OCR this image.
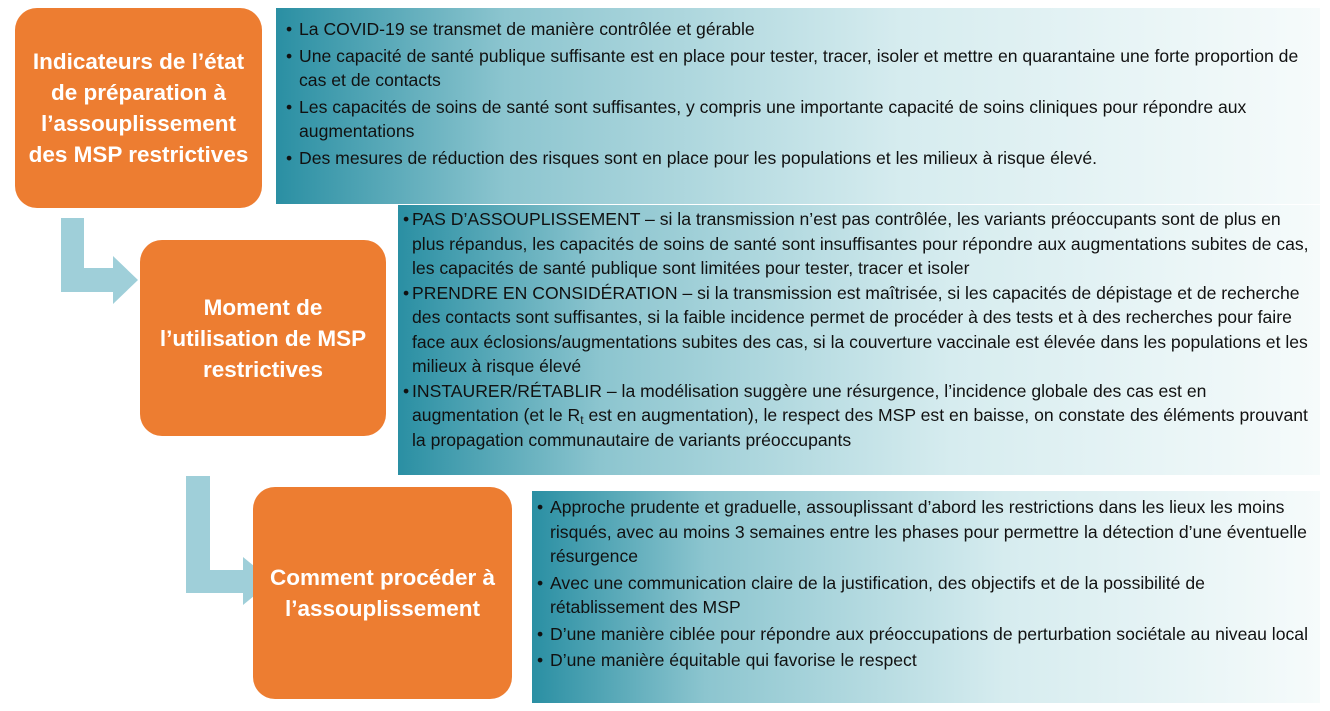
• La COVID-19 se transmet de manière contrôlée et gérable
• Une capacité de santé publique suffisante est en place pour tester, tracer, isoler et mettre en quarantaine une forte proportion de cas et de contacts
• Les capacités de soins de santé sont suffisantes, y compris une importante capacité de soins cliniques pour répondre aux augmentations
• Des mesures de réduction des risques sont en place pour les populations et les milieux à risque élevé.
• PAS D’ASSOUPLISSEMENT – si la transmission n’est pas contrôlée, les variants préoccupants sont de plus en plus répandus, les capacités de soins de santé sont insuffisantes pour répondre aux augmentations subites de cas, les capacités de santé publique sont limitées pour tester, tracer et isoler
• PRENDRE EN CONSIDÉRATION – si la transmission est maîtrisée, si les capacités de dépistage et de recherche des contacts sont suffisantes, si la faible incidence permet de procéder à des tests et à des recherches pour faire face aux éclosions/augmentations subites des cas, si la couverture vaccinale est élevée dans les populations et les milieux à risque élevé
• INSTAURER/RÉTABLIR – la modélisation suggère une résurgence, l’incidence globale des cas est en augmentation (et le $R_t$ est en augmentation), le respect des MSP est en baisse, on constate des éléments prouvant la propagation communautaire de variants préoccupants
• Approche prudente et graduelle, assouplissant d’abord les restrictions dans les lieux les moins risqués, avec au moins 3 semaines entre les phases pour permettre la détection d’une éventuelle résurgence
• Avec une communication claire de la justification, des objectifs et de la possibilité de rétablissement des MSP
• D’une manière ciblée pour répondre aux préoccupations de perturbation sociétale au niveau local
• D’une manière équitable qui favorise le respect
Indicateurs de l’état de préparation à l’assouplissement des MSP restrictives
Moment de l’utilisation de MSP restrictives
Comment procéder à l’assouplissement
